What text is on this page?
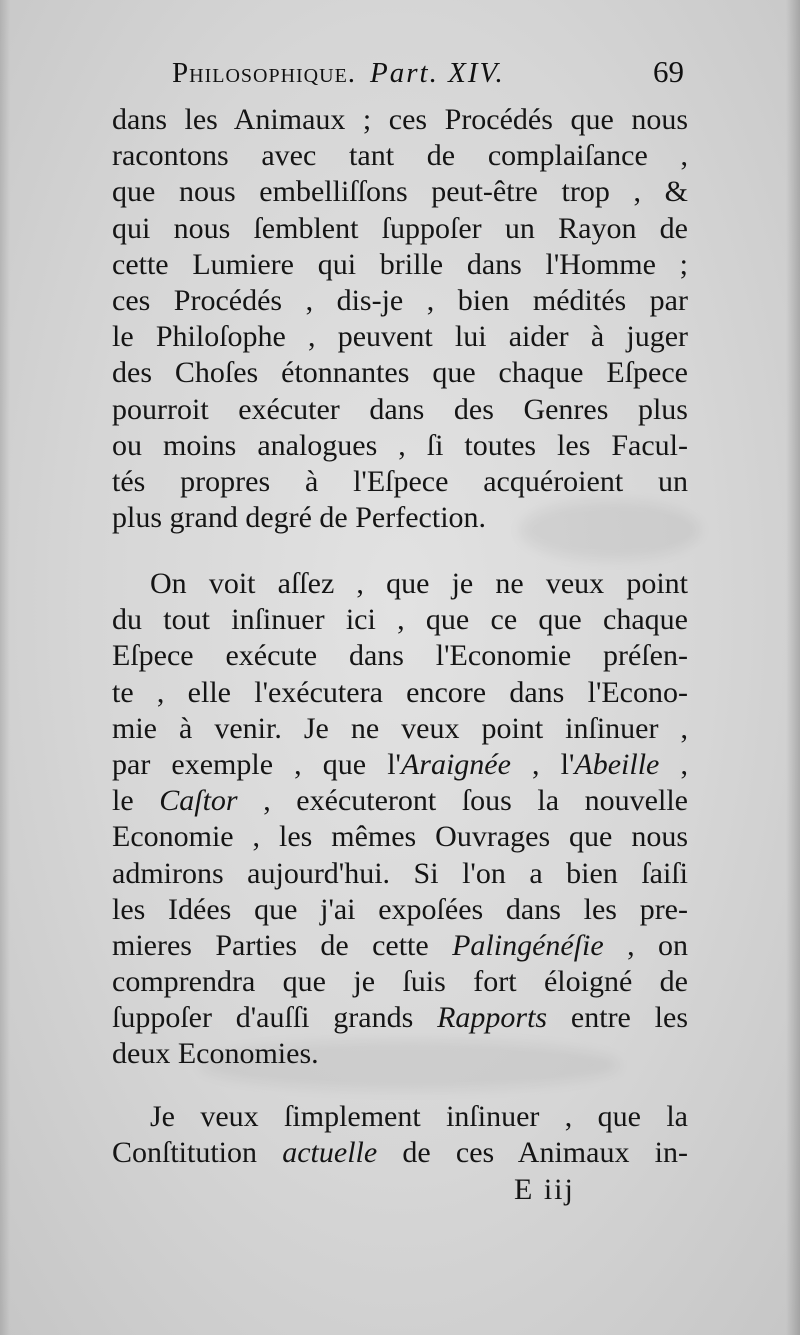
Philosophique. Part. XIV.	69
dans les Animaux ; ces Procédés que nous
racontons avec tant de complaiſance ,
que nous embelliſſons peut-être trop , &
qui nous ſemblent ſuppoſer un Rayon de
cette Lumiere qui brille dans l'Homme ;
ces Procédés , dis-je , bien médités par
le Philoſophe , peuvent lui aider à juger
des Choſes étonnantes que chaque Eſpece
pourroit exécuter dans des Genres plus
ou moins analogues , ſi toutes les Facul-
tés propres à l'Eſpece acquéroient un
plus grand degré de Perfection.
On voit aſſez , que je ne veux point
du tout inſinuer ici , que ce que chaque
Eſpece exécute dans l'Economie préſen-
te , elle l'exécutera encore dans l'Econo-
mie à venir. Je ne veux point inſinuer ,
par exemple , que l'Araignée , l'Abeille ,
le Caſtor , exécuteront ſous la nouvelle
Economie , les mêmes Ouvrages que nous
admirons aujourd'hui. Si l'on a bien ſaiſi
les Idées que j'ai expoſées dans les pre-
mieres Parties de cette Palingénéſie , on
comprendra que je ſuis fort éloigné de
ſuppoſer d'auſſi grands Rapports entre les
deux Economies.
Je veux ſimplement inſinuer , que la
Conſtitution actuelle de ces Animaux in-
E iij
